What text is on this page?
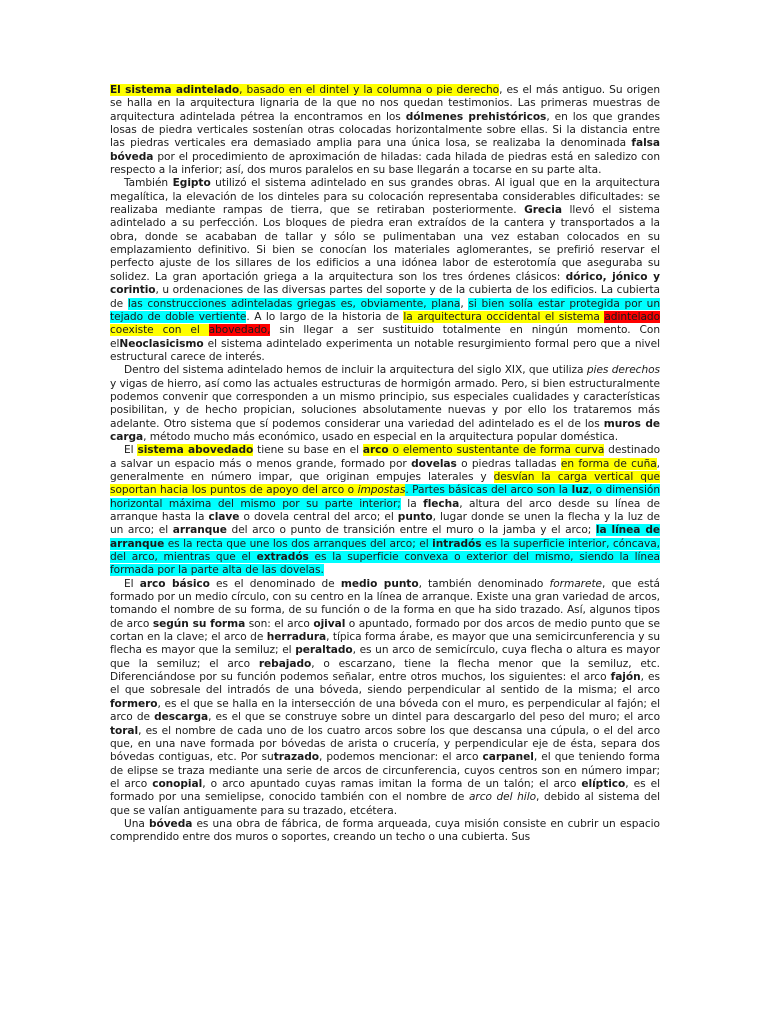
El sistema adintelado, basado en el dintel y la columna o pie derecho, es el más antiguo. Su origen se halla en la arquitectura lignaria de la que no nos quedan testimonios. Las primeras muestras de arquitectura adintelada pétrea la encontramos en los dólmenes prehistóricos, en los que grandes losas de piedra verticales sostenían otras colocadas horizontalmente sobre ellas. Si la distancia entre las piedras verticales era demasiado amplia para una única losa, se realizaba la denominada falsa bóveda por el procedimiento de aproximación de hiladas: cada hilada de piedras está en saledizo con respecto a la inferior; así, dos muros paralelos en su base llegarán a tocarse en su parte alta.

También Egipto utilizó el sistema adintelado en sus grandes obras. Al igual que en la arquitectura megalítica, la elevación de los dinteles para su colocación representaba considerables dificultades: se realizaba mediante rampas de tierra, que se retiraban posteriormente. Grecia llevó el sistema adintelado a su perfección. Los bloques de piedra eran extraídos de la cantera y transportados a la obra, donde se acababan de tallar y sólo se pulimentaban una vez estaban colocados en su emplazamiento definitivo. Si bien se conocían los materiales aglomerantes, se prefirió reservar el perfecto ajuste de los sillares de los edificios a una idónea labor de esterotomía que aseguraba su solidez. La gran aportación griega a la arquitectura son los tres órdenes clásicos: dórico, jónico y corintio, u ordenaciones de las diversas partes del soporte y de la cubierta de los edificios. La cubierta de las construcciones adinteladas griegas es, obviamente, plana, si bien solía estar protegida por un tejado de doble vertiente. A lo largo de la historia de la arquitectura occidental el sistema adintelado coexiste con el abovedado, sin llegar a ser sustituido totalmente en ningún momento. Con elNeoclasicismo el sistema adintelado experimenta un notable resurgimiento formal pero que a nivel estructural carece de interés.

Dentro del sistema adintelado hemos de incluir la arquitectura del siglo XIX, que utiliza pies derechos y vigas de hierro, así como las actuales estructuras de hormigón armado. Pero, si bien estructuralmente podemos convenir que corresponden a un mismo principio, sus especiales cualidades y características posibilitan, y de hecho propician, soluciones absolutamente nuevas y por ello los trataremos más adelante. Otro sistema que sí podemos considerar una variedad del adintelado es el de los muros de carga, método mucho más económico, usado en especial en la arquitectura popular doméstica.

El sistema abovedado tiene su base en el arco o elemento sustentante de forma curva destinado a salvar un espacio más o menos grande, formado por dovelas o piedras talladas en forma de cuña, generalmente en número impar, que originan empujes laterales y desvían la carga vertical que soportan hacia los puntos de apoyo del arco o impostas. Partes básicas del arco son la luz, o dimensión horizontal máxima del mismo por su parte interior; la flecha, altura del arco desde su línea de arranque hasta la clave o dovela central del arco; el punto, lugar donde se unen la flecha y la luz de un arco; el arranque del arco o punto de transición entre el muro o la jamba y el arco; la línea de arranque es la recta que une los dos arranques del arco; el intradós es la superficie interior, cóncava, del arco, mientras que el extradós es la superficie convexa o exterior del mismo, siendo la línea formada por la parte alta de las dovelas.

El arco básico es el denominado de medio punto, también denominado formarete, que está formado por un medio círculo, con su centro en la línea de arranque. Existe una gran variedad de arcos, tomando el nombre de su forma, de su función o de la forma en que ha sido trazado. Así, algunos tipos de arco según su forma son: el arco ojival o apuntado, formado por dos arcos de medio punto que se cortan en la clave; el arco de herradura, típica forma árabe, es mayor que una semicircunferencia y su flecha es mayor que la semiluz; el peraltado, es un arco de semicírculo, cuya flecha o altura es mayor que la semiluz; el arco rebajado, o escarzano, tiene la flecha menor que la semiluz, etc. Diferenciándose por su función podemos señalar, entre otros muchos, los siguientes: el arco fajón, es el que sobresale del intradós de una bóveda, siendo perpendicular al sentido de la misma; el arco formero, es el que se halla en la intersección de una bóveda con el muro, es perpendicular al fajón; el arco de descarga, es el que se construye sobre un dintel para descargarlo del peso del muro; el arco toral, es el nombre de cada uno de los cuatro arcos sobre los que descansa una cúpula, o el del arco que, en una nave formada por bóvedas de arista o crucería, y perpendicular eje de ésta, separa dos bóvedas contiguas, etc. Por sutrazado, podemos mencionar: el arco carpanel, el que teniendo forma de elipse se traza mediante una serie de arcos de circunferencia, cuyos centros son en número impar; el arco conopial, o arco apuntado cuyas ramas imitan la forma de un talón; el arco elíptico, es el formado por una semielipse, conocido también con el nombre de arco del hilo, debido al sistema del que se valían antiguamente para su trazado, etcétera.

Una bóveda es una obra de fábrica, de forma arqueada, cuya misión consiste en cubrir un espacio comprendido entre dos muros o soportes, creando un techo o una cubierta. Sus
